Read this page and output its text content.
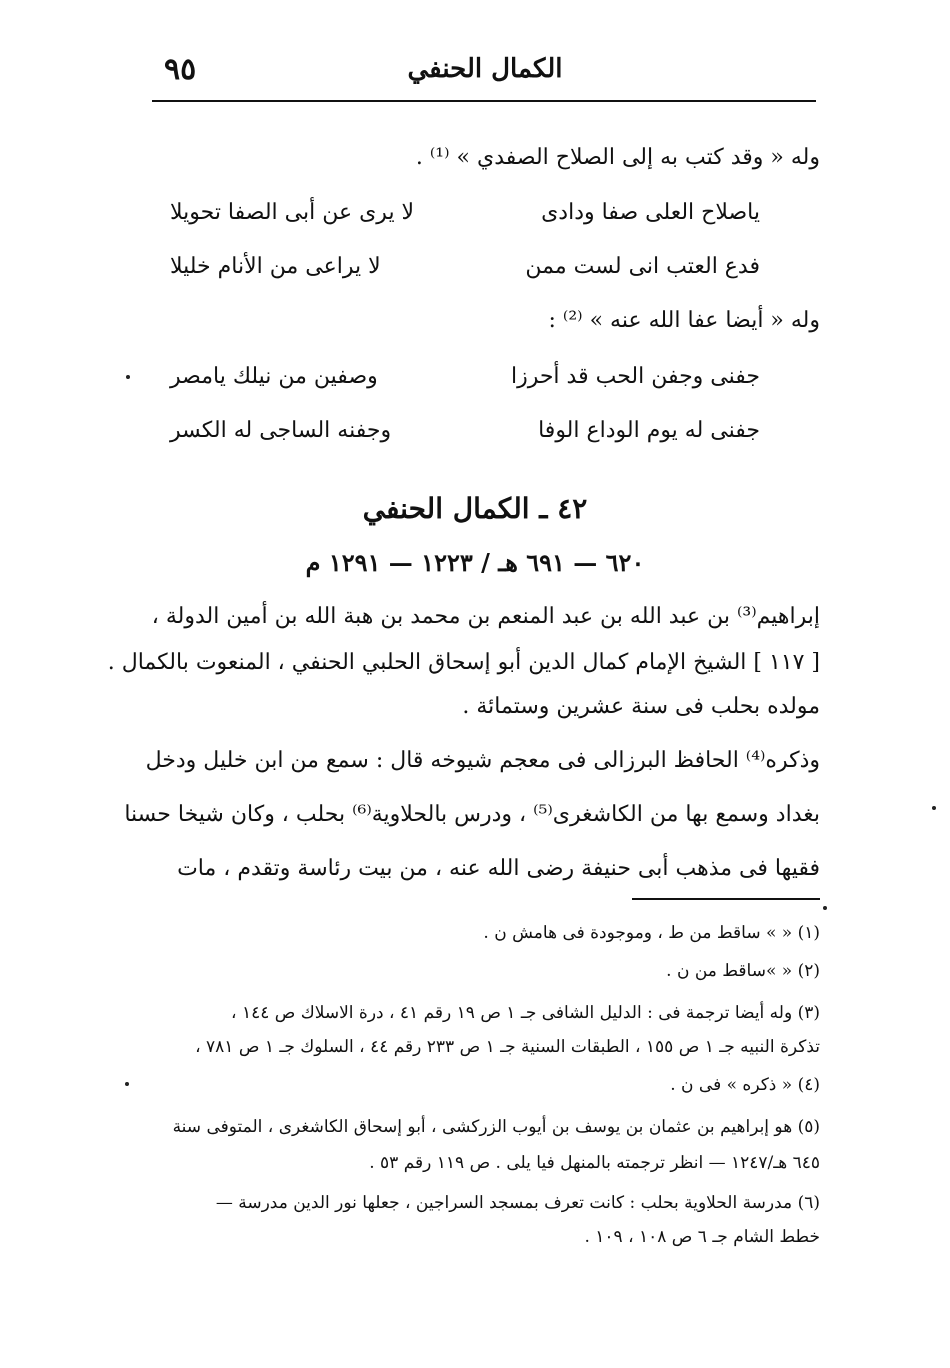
٩٥	الكمال الحنفي
وله « وقد كتب به إلى الصلاح الصفدي » ⁽¹⁾ .
ياصلاح العلى صفا ودادى
لا يرى عن أبى الصفا تحويلا
فدع العتب انى لست ممن
لا يراعى من الأنام خليلا
وله « أيضا عفا الله عنه » ⁽²⁾ :
جفنى وجفن الحب قد أحرزا
وصفين من نيلك يامصر
جفنى له يوم الوداع الوفا
وجفنه الساجى له الكسر
٤٢ ـ الكمال الحنفي
٦٢٠ — ٦٩١ هـ / ١٢٢٣ — ١٢٩١ م
إبراهيم⁽³⁾ بن عبد الله بن عبد المنعم بن محمد بن هبة الله بن أمين الدولة ،
[ ١١٧ ] الشيخ الإمام كمال الدين أبو إسحاق الحلبي الحنفي ، المنعوت بالكمال .
مولده بحلب فى سنة عشرين وستمائة .
وذكره⁽⁴⁾ الحافظ البرزالى فى معجم شيوخه قال : سمع من ابن خليل ودخل
بغداد وسمع بها من الكاشغرى⁽⁵⁾ ، ودرس بالحلاوية⁽⁶⁾ بحلب ، وكان شيخا حسنا
فقيها فى مذهب أبى حنيفة رضى الله عنه ، من بيت رئاسة وتقدم ، مات
(١) « » ساقط من ط ، وموجودة فى هامش ن .
(٢) « »ساقط من ن .
(٣) وله أيضا ترجمة فى : الدليل الشافى جـ ١ ص ١٩ رقم ٤١ ، درة الاسلاك ص ١٤٤ ،
تذكرة النبيه جـ ١ ص ١٥٥ ، الطبقات السنية جـ ١ ص ٢٣٣ رقم ٤٤ ، السلوك جـ ١ ص ٧٨١ ،
(٤) « ذكره » فى ن .
(٥) هو إبراهيم بن عثمان بن يوسف بن أيوب الزركشى ، أبو إسحاق الكاشغرى ، المتوفى سنة
٦٤٥ هـ/١٢٤٧ — انظر ترجمته بالمنهل فيا يلى . ص ١١٩ رقم ٥٣ .
(٦) مدرسة الحلاوية بحلب : كانت تعرف بمسجد السراجين ، جعلها نور الدين مدرسة —
خطط الشام جـ ٦ ص ١٠٨ ، ١٠٩ .
